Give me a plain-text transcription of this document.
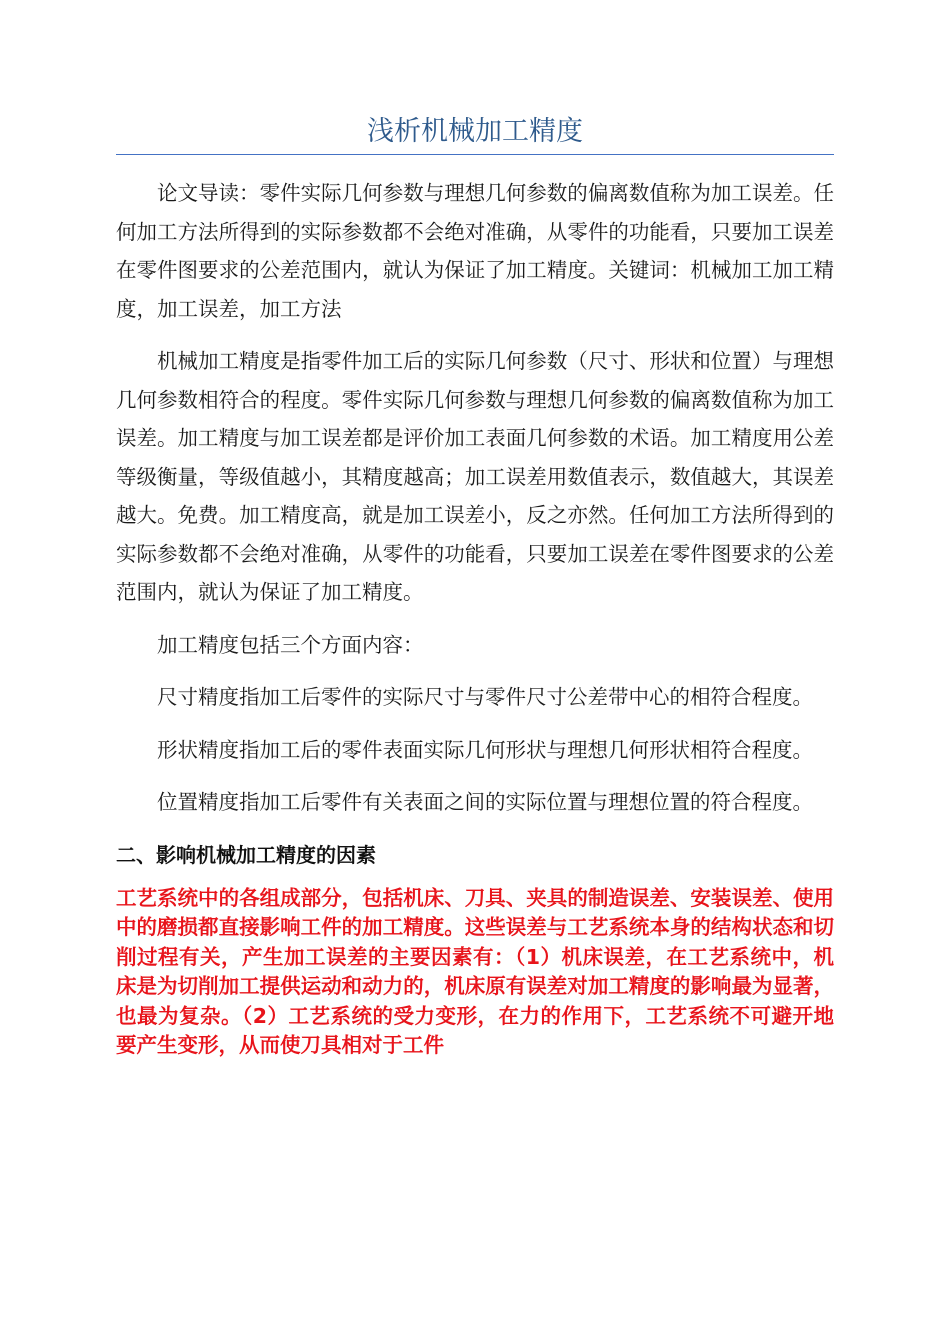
浅析机械加工精度

论文导读：零件实际几何参数与理想几何参数的偏离数值称为加工误差。任何加工方法所得到的实际参数都不会绝对准确，从零件的功能看，只要加工误差在零件图要求的公差范围内，就认为保证了加工精度。关键词：机械加工加工精度，加工误差，加工方法

机械加工精度是指零件加工后的实际几何参数（尺寸、形状和位置）与理想几何参数相符合的程度。零件实际几何参数与理想几何参数的偏离数值称为加工误差。加工精度与加工误差都是评价加工表面几何参数的术语。加工精度用公差等级衡量，等级值越小，其精度越高；加工误差用数值表示，数值越大，其误差越大。免费。加工精度高，就是加工误差小，反之亦然。任何加工方法所得到的实际参数都不会绝对准确，从零件的功能看，只要加工误差在零件图要求的公差范围内，就认为保证了加工精度。

加工精度包括三个方面内容：

尺寸精度指加工后零件的实际尺寸与零件尺寸公差带中心的相符合程度。

形状精度指加工后的零件表面实际几何形状与理想几何形状相符合程度。

位置精度指加工后零件有关表面之间的实际位置与理想位置的符合程度。

二、影响机械加工精度的因素

工艺系统中的各组成部分，包括机床、刀具、夹具的制造误差、安装误差、使用中的磨损都直接影响工件的加工精度。这些误差与工艺系统本身的结构状态和切削过程有关，产生加工误差的主要因素有：（1）机床误差，在工艺系统中，机床是为切削加工提供运动和动力的，机床原有误差对加工精度的影响最为显著，也最为复杂。（2）工艺系统的受力变形，在力的作用下，工艺系统不可避开地要产生变形，从而使刀具相对于工件
